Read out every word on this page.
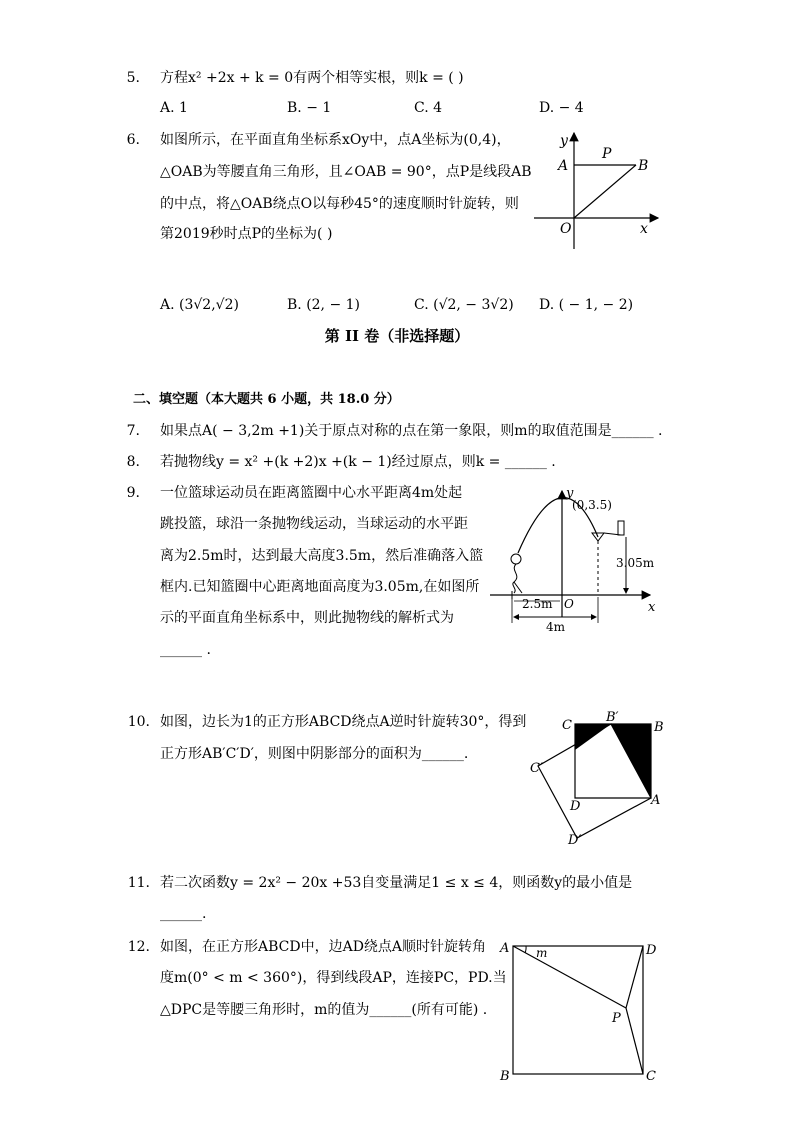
5. 方程x² +2x + k = 0有两个相等实根，则k = ( )
A. 1	B. − 1	C. 4	D. − 4
6. 如图所示，在平面直角坐标系xOy中，点A坐标为(0,4)，
△OAB为等腰直角三角形，且∠OAB = 90°，点P是线段AB
的中点，将△OAB绕点O以每秒45°的速度顺时针旋转，则
第2019秒时点P的坐标为( )
y
A
P
B
O	x
A. (3√2,√2)	B. (2, − 1)	C. (√2, − 3√2) D. ( − 1, − 2)
第 II 卷（非选择题）
二、填空题（本大题共 6 小题，共 18.0 分）
7. 如果点A( − 3,2m +1)关于原点对称的点在第一象限，则m的取值范围是______ .
8. 若抛物线y = x² +(k +2)x +(k − 1)经过原点，则k = ______ .
9. 一位篮球运动员在距离篮圈中心水平距离4m处起
跳投篮，球沿一条抛物线运动，当球运动的水平距
离为2.5m时，达到最大高度3.5m，然后准确落入篮
框内.已知篮圈中心距离地面高度为3.05m,在如图所
示的平面直角坐标系中，则此抛物线的解析式为
______ .
y
(0,3.5)
3.05m
2.5m O	x
4m
10. 如图，边长为1的正方形ABCD绕点A逆时针旋转30°，得到
正方形AB′C′D′，则图中阴影部分的面积为______.
C
B′
B
C′
D	A
D′
11. 若二次函数y = 2x² − 20x +53自变量满足1 ≤ x ≤ 4，则函数y的最小值是
______.
12. 如图，在正方形ABCD中，边AD绕点A顺时针旋转角
度m(0° < m < 360°)，得到线段AP，连接PC，PD.当
△DPC是等腰三角形时，m的值为______(所有可能) .
A m	D
P
B	C
